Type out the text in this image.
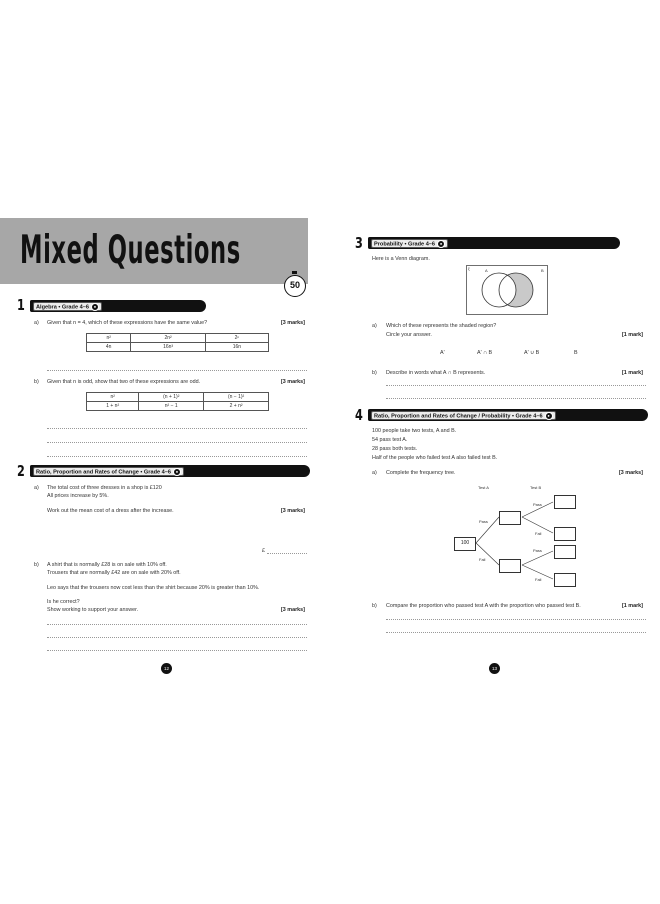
Mixed Questions
50
1	Algebra • Grade 4–6 ●
a) Given that n = 4, which of these expressions have the same value?	[3 marks]
n²	2n²	2ⁿ
4n	16n³	16n
b) Given that n is odd, show that two of these expressions are odd.	[3 marks]
n²	(n + 1)²	(n − 1)²
1 + n²	n² − 1	2 + n²
2	Ratio, Proportion and Rates of Change • Grade 4–6 ●
a) The total cost of three dresses in a shop is £120
All prices increase by 5%.
Work out the mean cost of a dress after the increase.	[3 marks]
£
b) A shirt that is normally £28 is on sale with 10% off.
Trousers that are normally £42 are on sale with 20% off.
Leo says that the trousers now cost less than the shirt because 20% is greater than 10%.
Is he correct?
Show working to support your answer.	[3 marks]
12
3	Probability • Grade 4–6 ●
Here is a Venn diagram.
ξ	A	B
a) Which of these represents the shaded region?
Circle your answer.	[1 mark]
A'	A' ∩ B	A' ∪ B	B
b) Describe in words what A ∩ B represents.	[1 mark]
4	Ratio, Proportion and Rates of Change / Probability • Grade 4–6 ●
100 people take two tests, A and B.
54 pass test A.
28 pass both tests.
Half of the people who failed test A also failed test B.
a) Complete the frequency tree.	[3 marks]
Test A	Test B
100
Pass
Fail
Pass
Fail
Pass
Fail
b) Compare the proportion who passed test A with the proportion who passed test B.	[1 mark]
13
